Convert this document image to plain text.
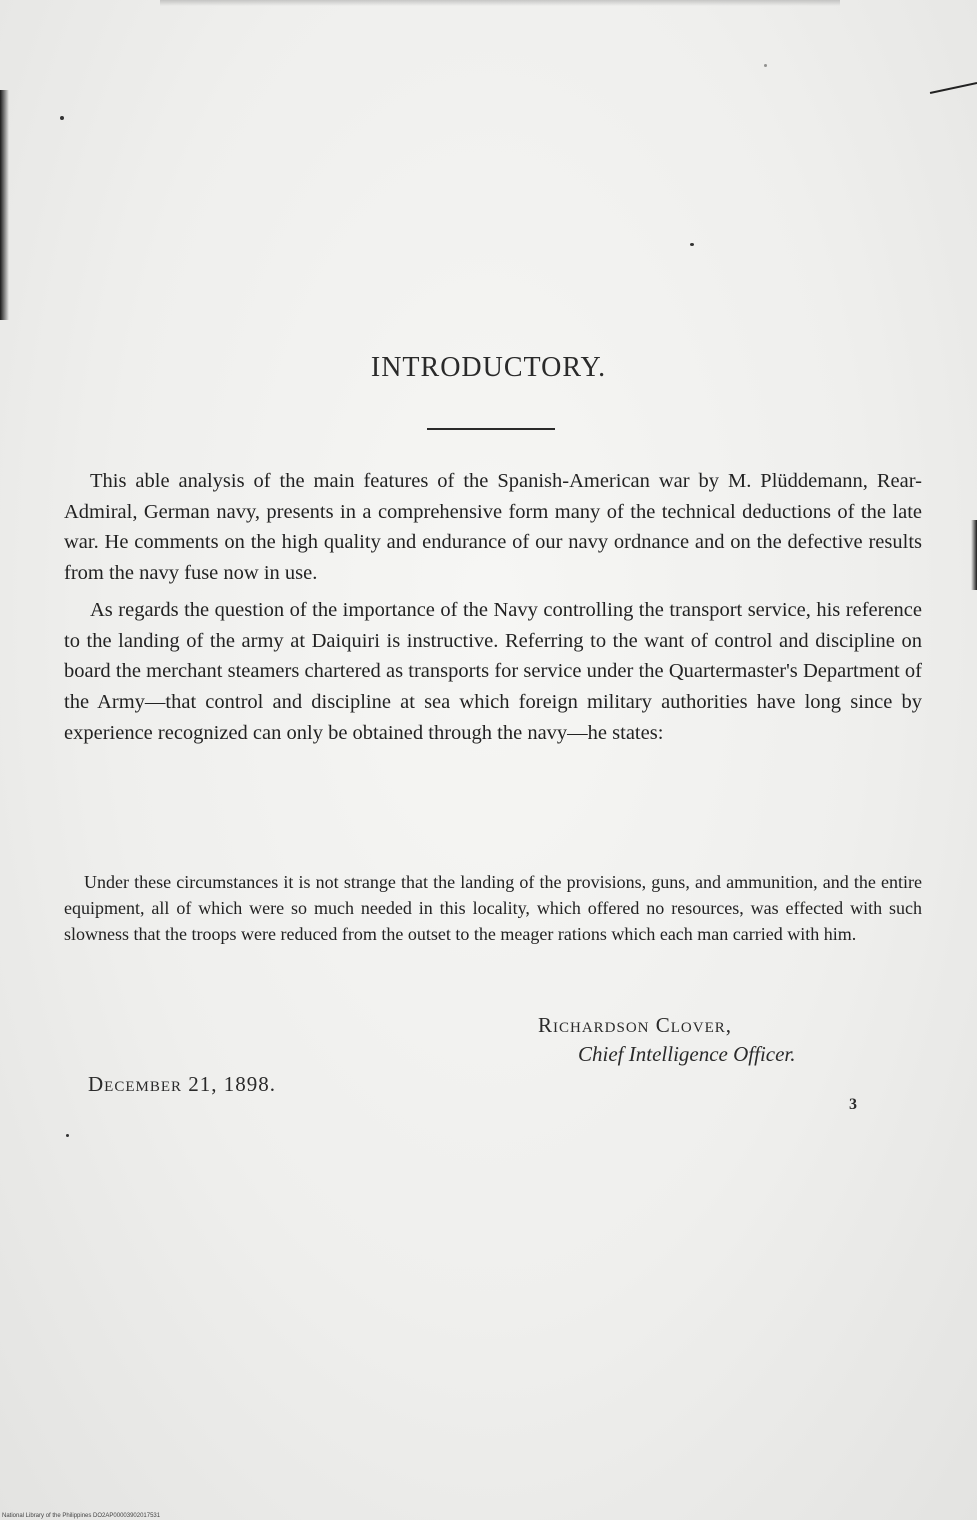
INTRODUCTORY.

This able analysis of the main features of the Spanish-American war by M. Plüddemann, Rear-Admiral, German navy, presents in a comprehensive form many of the technical deductions of the late war. He comments on the high quality and endurance of our navy ordnance and on the defective results from the navy fuse now in use.

As regards the question of the importance of the Navy controlling the transport service, his reference to the landing of the army at Daiquiri is instructive. Referring to the want of control and discipline on board the merchant steamers chartered as transports for service under the Quartermaster's Department of the Army—that control and discipline at sea which foreign military authorities have long since by experience recognized can only be obtained through the navy—he states:

Under these circumstances it is not strange that the landing of the provisions, guns, and ammunition, and the entire equipment, all of which were so much needed in this locality, which offered no resources, was effected with such slowness that the troops were reduced from the outset to the meager rations which each man carried with him.
Richardson Clover,
Chief Intelligence Officer.
December 21, 1898.
3
National Library of the Philippines DO2AP00003902017531
